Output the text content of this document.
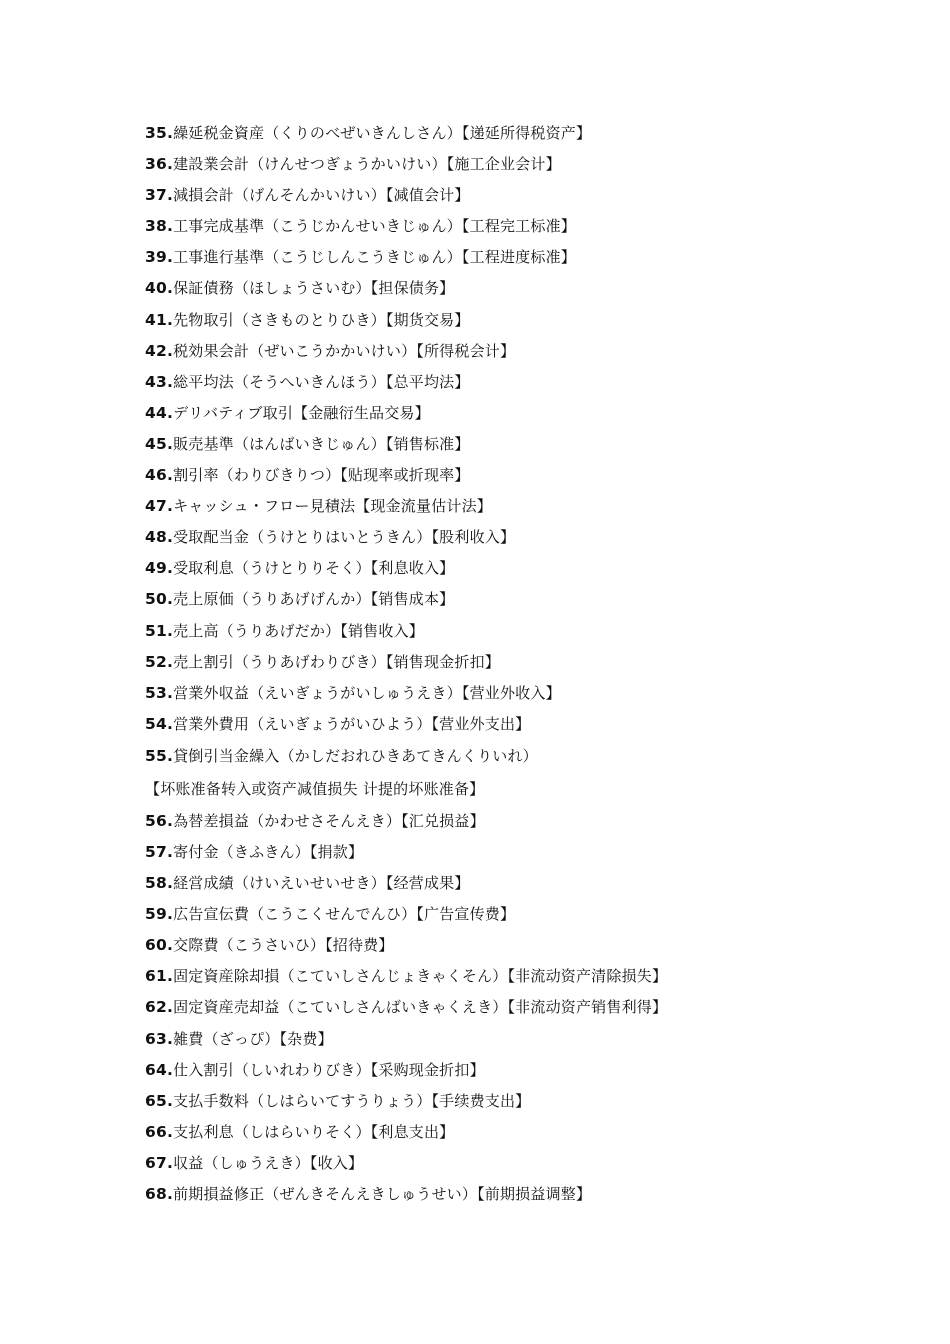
35.繰延税金資産（くりのべぜいきんしさん）【递延所得税资产】
36.建設業会計（けんせつぎょうかいけい）【施工企业会计】
37.減損会計（げんそんかいけい）【减值会计】
38.工事完成基準（こうじかんせいきじゅん）【工程完工标准】
39.工事進行基準（こうじしんこうきじゅん）【工程进度标准】
40.保証債務（ほしょうさいむ）【担保债务】
41.先物取引（さきものとりひき）【期货交易】
42.税効果会計（ぜいこうかかいけい）【所得税会计】
43.総平均法（そうへいきんほう）【总平均法】
44.デリバティブ取引【金融衍生品交易】
45.販売基準（はんばいきじゅん）【销售标准】
46.割引率（わりびきりつ）【贴现率或折现率】
47.キャッシュ・フロー見積法【现金流量估计法】
48.受取配当金（うけとりはいとうきん）【股利收入】
49.受取利息（うけとりりそく）【利息收入】
50.売上原価（うりあげげんか）【销售成本】
51.売上高（うりあげだか）【销售收入】
52.売上割引（うりあげわりびき）【销售现金折扣】
53.営業外収益（えいぎょうがいしゅうえき）【营业外收入】
54.営業外費用（えいぎょうがいひよう）【营业外支出】
55.貸倒引当金繰入（かしだおれひきあてきんくりいれ）
【坏账准备转入或资产减值损失 计提的坏账准备】
56.為替差損益（かわせさそんえき）【汇兑损益】
57.寄付金（きふきん）【捐款】
58.経営成績（けいえいせいせき）【经营成果】
59.広告宣伝費（こうこくせんでんひ）【广告宣传费】
60.交際費（こうさいひ）【招待费】
61.固定資産除却損（こていしさんじょきゃくそん）【非流动资产清除损失】
62.固定資産売却益（こていしさんばいきゃくえき）【非流动资产销售利得】
63.雑費（ざっぴ）【杂费】
64.仕入割引（しいれわりびき）【采购现金折扣】
65.支払手数料（しはらいてすうりょう）【手续费支出】
66.支払利息（しはらいりそく）【利息支出】
67.収益（しゅうえき）【收入】
68.前期損益修正（ぜんきそんえきしゅうせい）【前期损益调整】
